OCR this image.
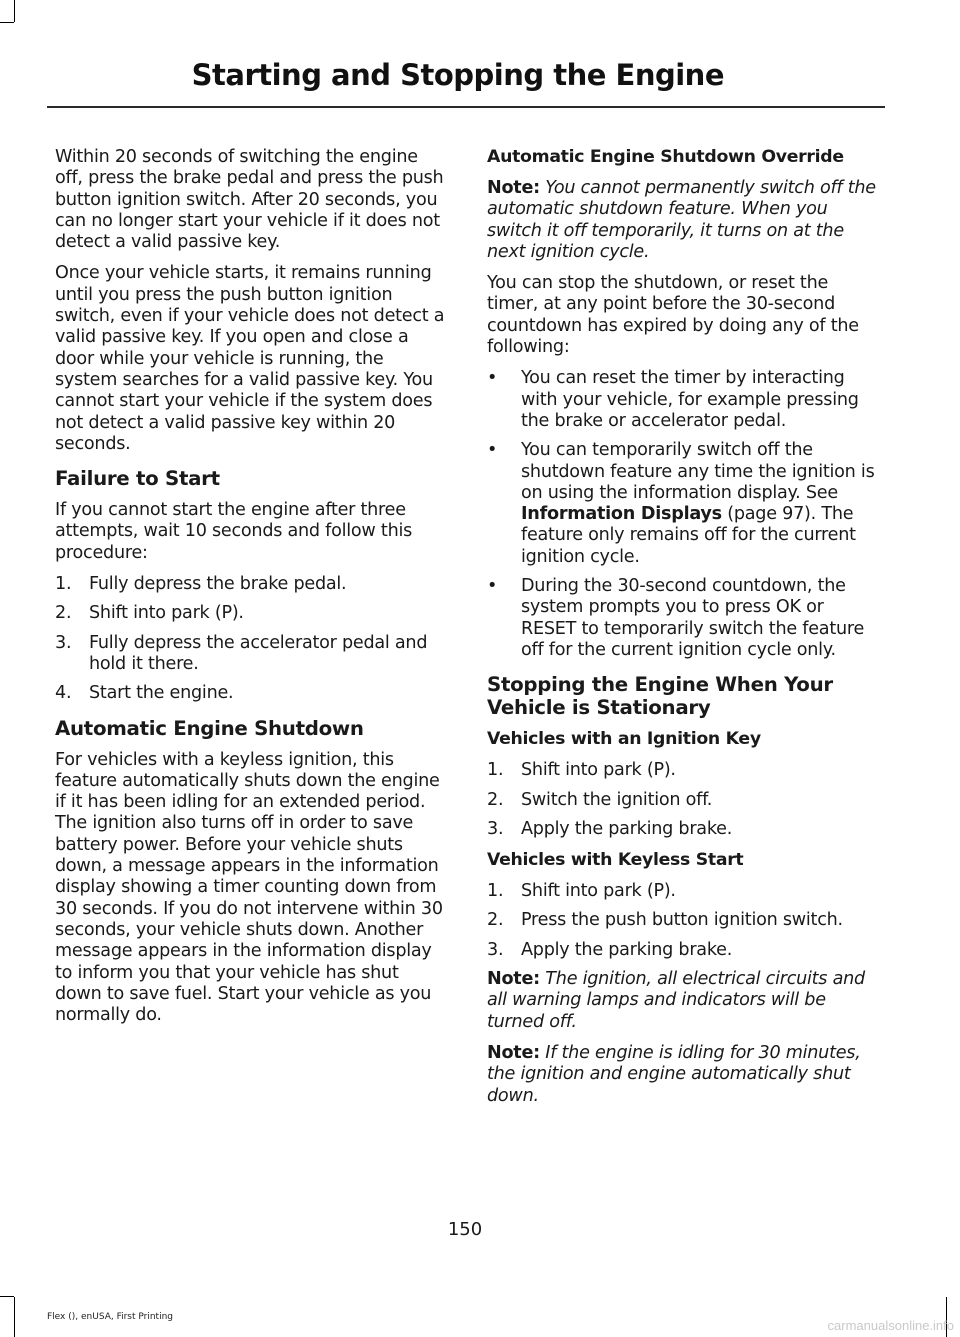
Starting and Stopping the Engine

Within 20 seconds of switching the engine off, press the brake pedal and press the push button ignition switch. After 20 seconds, you can no longer start your vehicle if it does not detect a valid passive key.

Once your vehicle starts, it remains running until you press the push button ignition switch, even if your vehicle does not detect a valid passive key. If you open and close a door while your vehicle is running, the system searches for a valid passive key. You cannot start your vehicle if the system does not detect a valid passive key within 20 seconds.

Failure to Start

If you cannot start the engine after three attempts, wait 10 seconds and follow this procedure:

1. Fully depress the brake pedal.
2. Shift into park (P).
3. Fully depress the accelerator pedal and hold it there.
4. Start the engine.
Automatic Engine Shutdown

For vehicles with a keyless ignition, this feature automatically shuts down the engine if it has been idling for an extended period. The ignition also turns off in order to save battery power. Before your vehicle shuts down, a message appears in the information display showing a timer counting down from 30 seconds. If you do not intervene within 30 seconds, your vehicle shuts down. Another message appears in the information display to inform you that your vehicle has shut down to save fuel. Start your vehicle as you normally do.

Automatic Engine Shutdown Override

Note: You cannot permanently switch off the automatic shutdown feature. When you switch it off temporarily, it turns on at the next ignition cycle.

You can stop the shutdown, or reset the timer, at any point before the 30-second countdown has expired by doing any of the following:

• You can reset the timer by interacting with your vehicle, for example pressing the brake or accelerator pedal.
• You can temporarily switch off the shutdown feature any time the ignition is on using the information display. See Information Displays (page 97). The feature only remains off for the current ignition cycle.
• During the 30-second countdown, the system prompts you to press OK or RESET to temporarily switch the feature off for the current ignition cycle only.
Stopping the Engine When Your Vehicle is Stationary
Vehicles with an Ignition Key
1. Shift into park (P).
2. Switch the ignition off.
3. Apply the parking brake.
Vehicles with Keyless Start
1. Shift into park (P).
2. Press the push button ignition switch.
3. Apply the parking brake.

Note: The ignition, all electrical circuits and all warning lamps and indicators will be turned off.

Note: If the engine is idling for 30 minutes, the ignition and engine automatically shut down.

150
Flex (), enUSA, First Printing
carmanualsonline.info
